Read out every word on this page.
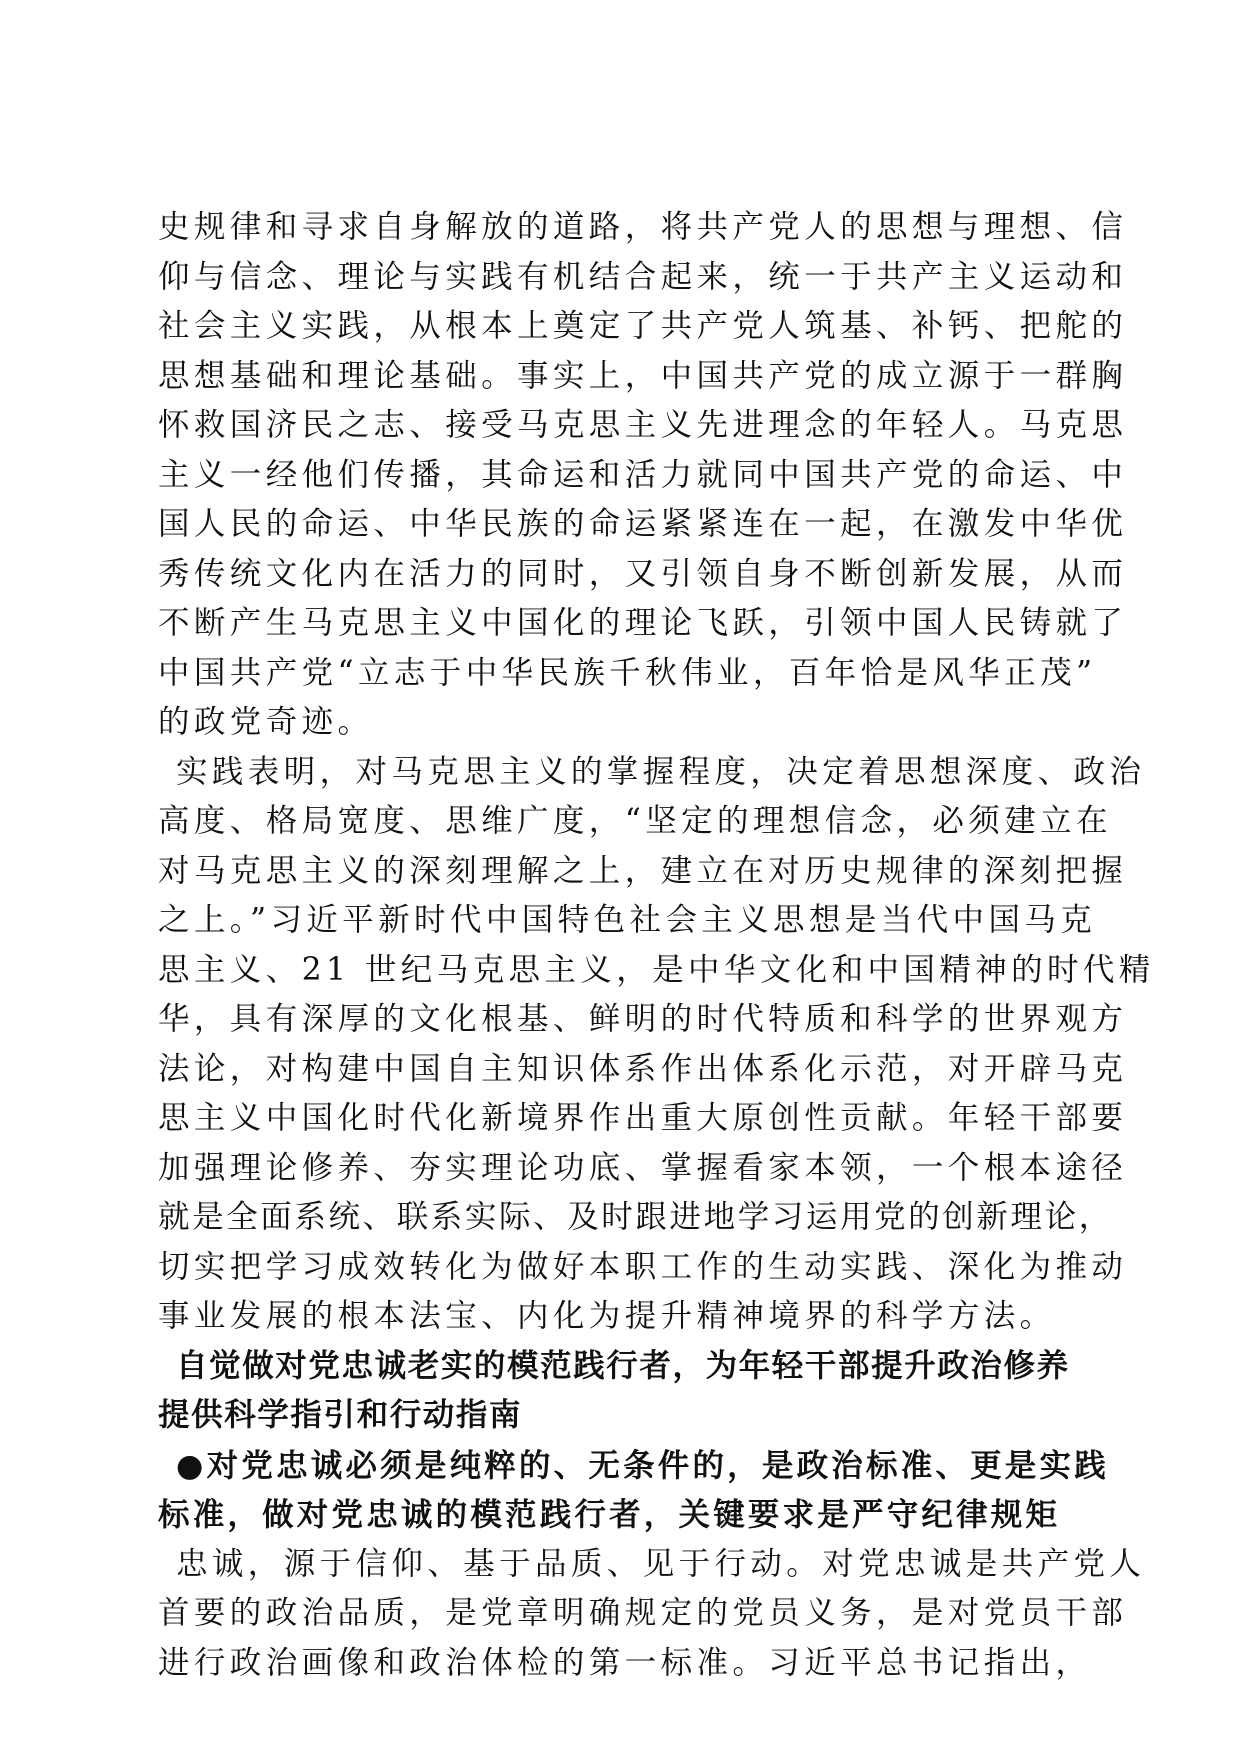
史规律和寻求自身解放的道路，将共产党人的思想与理想、信
仰与信念、理论与实践有机结合起来，统一于共产主义运动和
社会主义实践，从根本上奠定了共产党人筑基、补钙、把舵的
思想基础和理论基础。事实上，中国共产党的成立源于一群胸
怀救国济民之志、接受马克思主义先进理念的年轻人。马克思
主义一经他们传播，其命运和活力就同中国共产党的命运、中
国人民的命运、中华民族的命运紧紧连在一起，在激发中华优
秀传统文化内在活力的同时，又引领自身不断创新发展，从而
不断产生马克思主义中国化的理论飞跃，引领中国人民铸就了
中国共产党“立志于中华民族千秋伟业，百年恰是风华正茂”
的政党奇迹。
实践表明，对马克思主义的掌握程度，决定着思想深度、政治
高度、格局宽度、思维广度，“坚定的理想信念，必须建立在
对马克思主义的深刻理解之上，建立在对历史规律的深刻把握
之上。”习近平新时代中国特色社会主义思想是当代中国马克
思主义、21 世纪马克思主义，是中华文化和中国精神的时代精
华，具有深厚的文化根基、鲜明的时代特质和科学的世界观方
法论，对构建中国自主知识体系作出体系化示范，对开辟马克
思主义中国化时代化新境界作出重大原创性贡献。年轻干部要
加强理论修养、夯实理论功底、掌握看家本领，一个根本途径
就是全面系统、联系实际、及时跟进地学习运用党的创新理论，
切实把学习成效转化为做好本职工作的生动实践、深化为推动
事业发展的根本法宝、内化为提升精神境界的科学方法。
自觉做对党忠诚老实的模范践行者，为年轻干部提升政治修养
提供科学指引和行动指南
●对党忠诚必须是纯粹的、无条件的，是政治标准、更是实践
标准，做对党忠诚的模范践行者，关键要求是严守纪律规矩
忠诚，源于信仰、基于品质、见于行动。对党忠诚是共产党人
首要的政治品质，是党章明确规定的党员义务，是对党员干部
进行政治画像和政治体检的第一标准。习近平总书记指出，
